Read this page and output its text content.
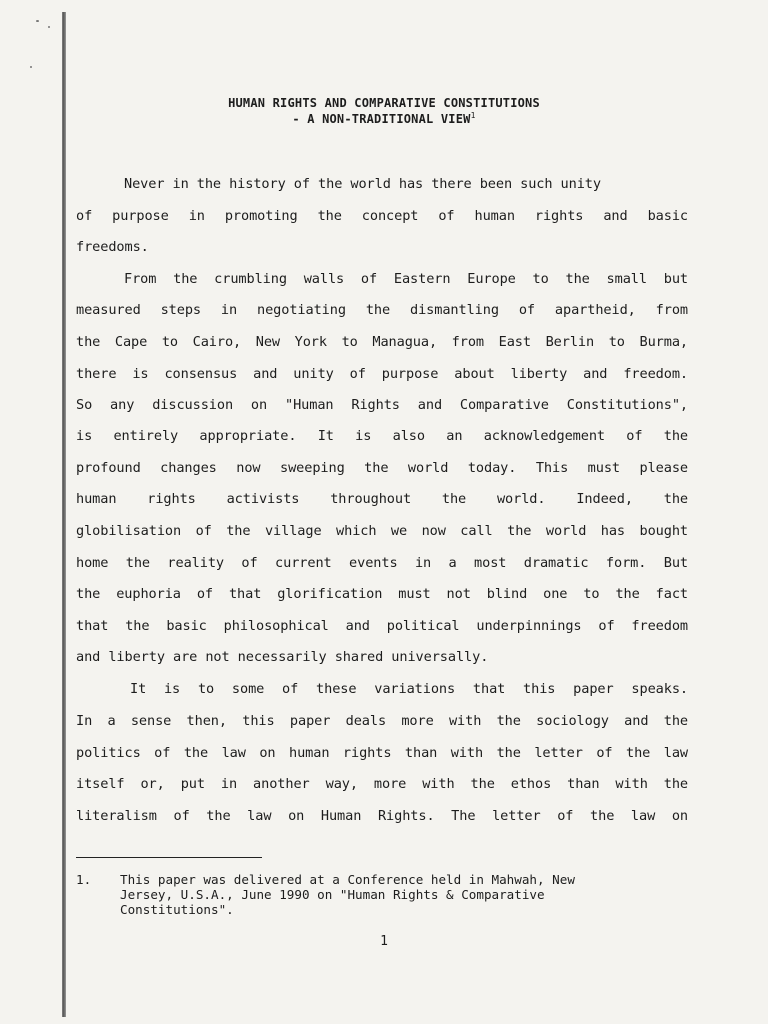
HUMAN RIGHTS AND COMPARATIVE CONSTITUTIONS
- A NON-TRADITIONAL VIEW$^1$
Never in the history of the world has there been such unity
of purpose in promoting the concept of human rights and basic
freedoms.
From the crumbling walls of Eastern Europe to the small but
measured steps in negotiating the dismantling of apartheid, from
the Cape to Cairo, New York to Managua, from East Berlin to Burma,
there is consensus and unity of purpose about liberty and freedom.
So any discussion on "Human Rights and Comparative Constitutions",
is entirely appropriate. It is also an acknowledgement of the
profound changes now sweeping the world today. This must please
human rights activists throughout the world. Indeed, the
globilisation of the village which we now call the world has bought
home the reality of current events in a most dramatic form. But
the euphoria of that glorification must not blind one to the fact
that the basic philosophical and political underpinnings of freedom
and liberty are not necessarily shared universally.
It is to some of these variations that this paper speaks.
In a sense then, this paper deals more with the sociology and the
politics of the law on human rights than with the letter of the law
itself or, put in another way, more with the ethos than with the
literalism of the law on Human Rights. The letter of the law on
1. This paper was delivered at a Conference held in Mahwah, New
Jersey, U.S.A., June 1990 on "Human Rights & Comparative
Constitutions".
1
